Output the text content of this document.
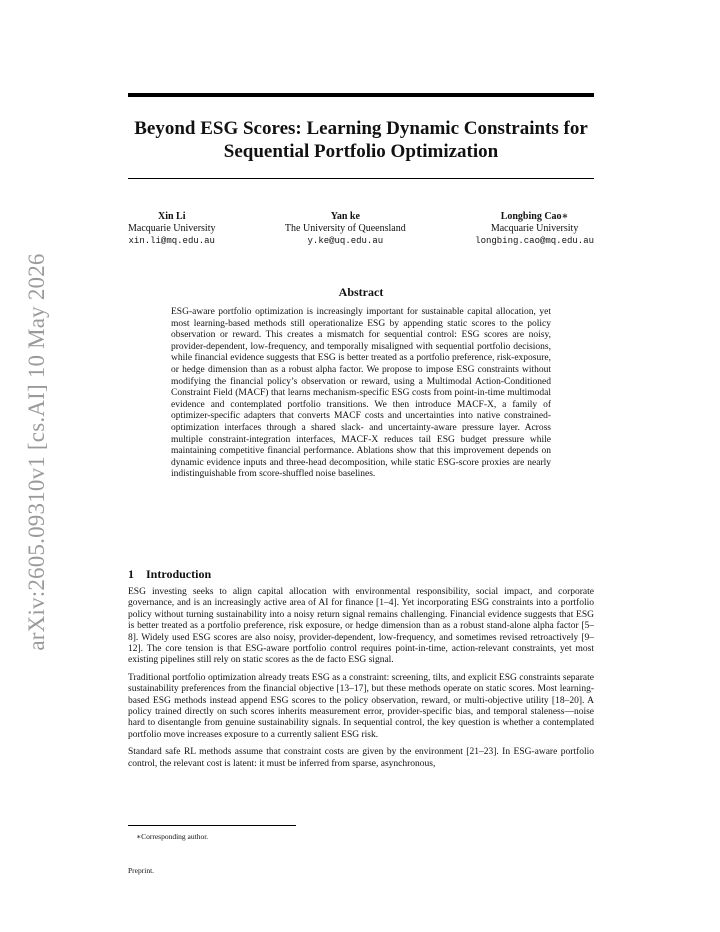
arXiv:2605.09310v1 [cs.AI] 10 May 2026
Beyond ESG Scores: Learning Dynamic Constraints for Sequential Portfolio Optimization
Xin Li
Macquarie University
xin.li@mq.edu.au
Yan ke
The University of Queensland
y.ke@uq.edu.au
Longbing Cao∗
Macquarie University
longbing.cao@mq.edu.au
Abstract
ESG-aware portfolio optimization is increasingly important for sustainable capital allocation, yet most learning-based methods still operationalize ESG by appending static scores to the policy observation or reward. This creates a mismatch for sequential control: ESG scores are noisy, provider-dependent, low-frequency, and temporally misaligned with sequential portfolio decisions, while financial evidence suggests that ESG is better treated as a portfolio preference, risk-exposure, or hedge dimension than as a robust alpha factor. We propose to impose ESG constraints without modifying the financial policy’s observation or reward, using a Multimodal Action-Conditioned Constraint Field (MACF) that learns mechanism-specific ESG costs from point-in-time multimodal evidence and contemplated portfolio transitions. We then introduce MACF-X, a family of optimizer-specific adapters that converts MACF costs and uncertainties into native constrained-optimization interfaces through a shared slack- and uncertainty-aware pressure layer. Across multiple constraint-integration interfaces, MACF-X reduces tail ESG budget pressure while maintaining competitive financial performance. Ablations show that this improvement depends on dynamic evidence inputs and three-head decomposition, while static ESG-score proxies are nearly indistinguishable from score-shuffled noise baselines.
1 Introduction

ESG investing seeks to align capital allocation with environmental responsibility, social impact, and corporate governance, and is an increasingly active area of AI for finance [1–4]. Yet incorporating ESG constraints into a portfolio policy without turning sustainability into a noisy return signal remains challenging. Financial evidence suggests that ESG is better treated as a portfolio preference, risk exposure, or hedge dimension than as a robust stand-alone alpha factor [5–8]. Widely used ESG scores are also noisy, provider-dependent, low-frequency, and sometimes revised retroactively [9–12]. The core tension is that ESG-aware portfolio control requires point-in-time, action-relevant constraints, yet most existing pipelines still rely on static scores as the de facto ESG signal.

Traditional portfolio optimization already treats ESG as a constraint: screening, tilts, and explicit ESG constraints separate sustainability preferences from the financial objective [13–17], but these methods operate on static scores. Most learning-based ESG methods instead append ESG scores to the policy observation, reward, or multi-objective utility [18–20]. A policy trained directly on such scores inherits measurement error, provider-specific bias, and temporal staleness—noise hard to disentangle from genuine sustainability signals. In sequential control, the key question is whether a contemplated portfolio move increases exposure to a currently salient ESG risk.

Standard safe RL methods assume that constraint costs are given by the environment [21–23]. In ESG-aware portfolio control, the relevant cost is latent: it must be inferred from sparse, asynchronous,

∗Corresponding author.
Preprint.
